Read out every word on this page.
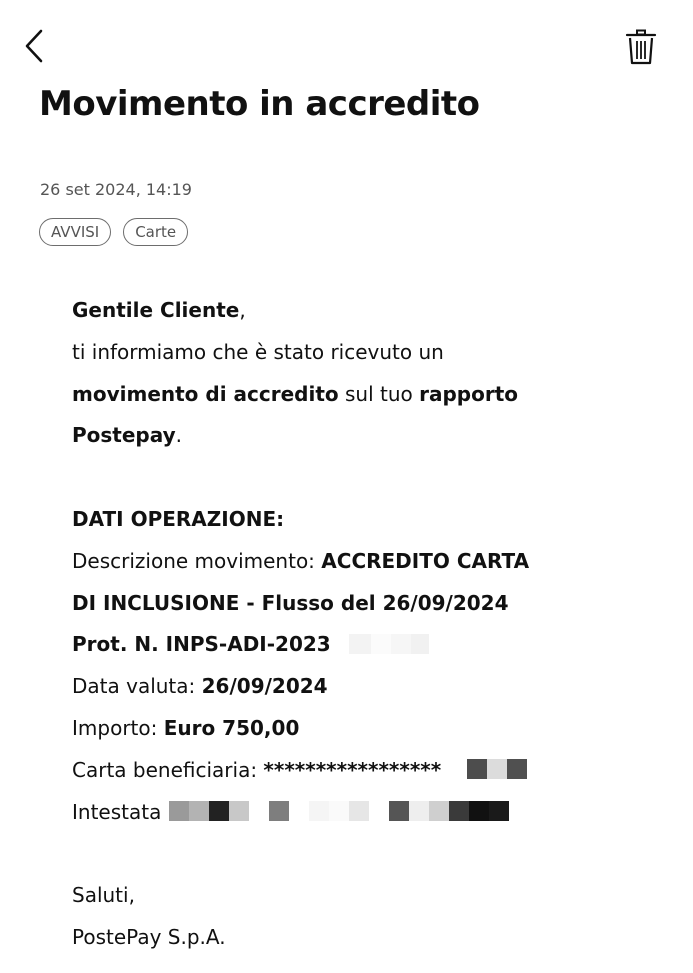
Movimento in accredito
26 set 2024, 14:19
AVVISI	Carte
Gentile Cliente,
ti informiamo che è stato ricevuto un
movimento di accredito sul tuo rapporto
Postepay.
DATI OPERAZIONE:
Descrizione movimento: ACCREDITO CARTA
DI INCLUSIONE - Flusso del 26/09/2024
Prot. N. INPS-ADI-2023
Data valuta: 26/09/2024
Importo: Euro 750,00
Carta beneficiaria: *****************
Intestata
Saluti,
PostePay S.p.A.
